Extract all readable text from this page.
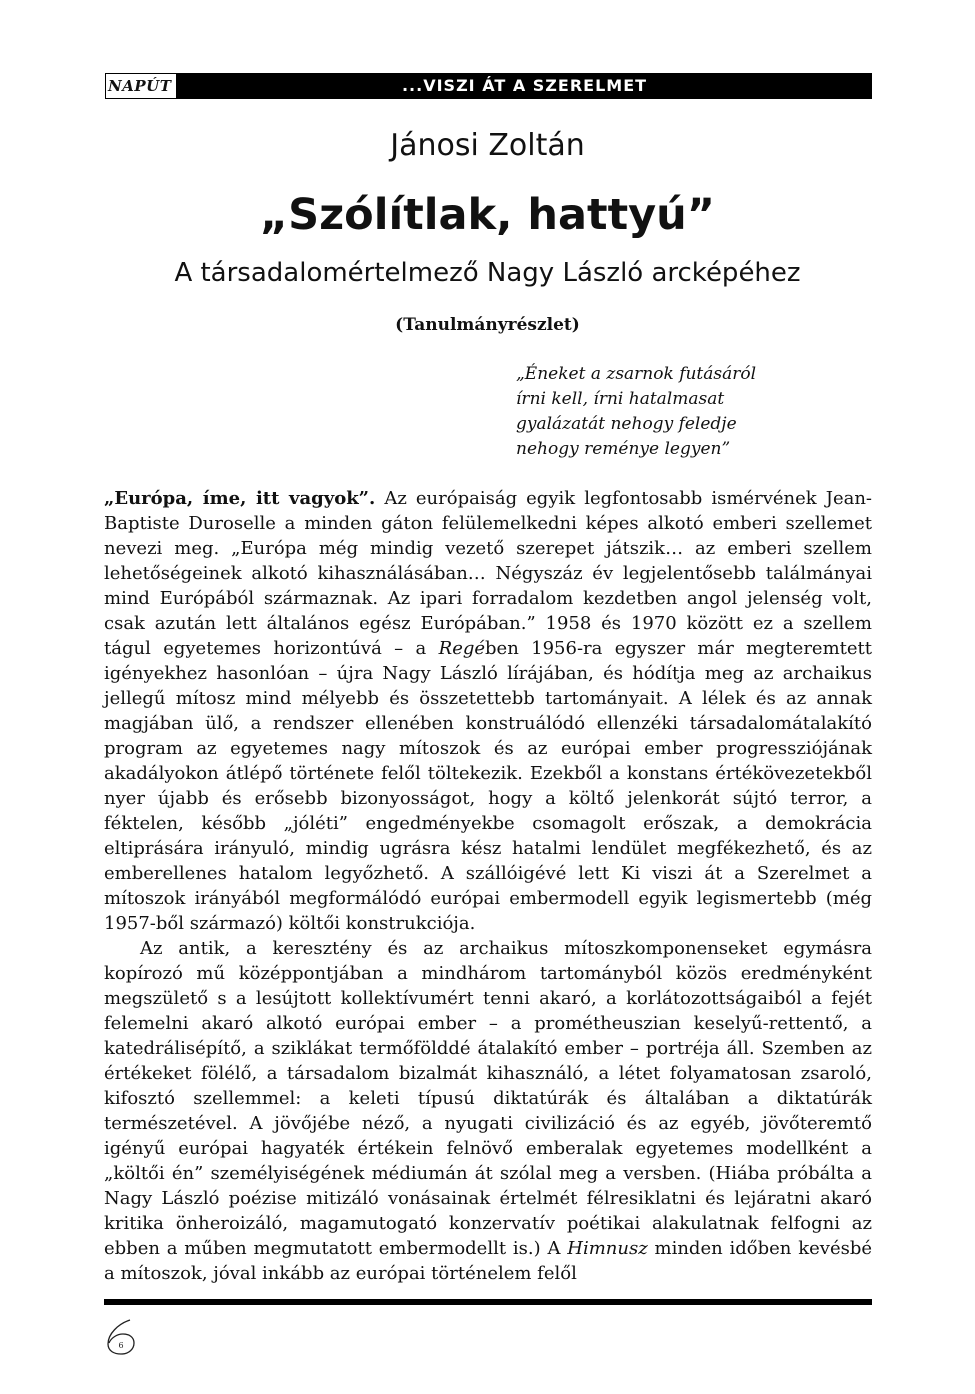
NAPÚT	...VISZI ÁT A SZERELMET
Jánosi Zoltán
„Szólítlak, hattyú”
A társadalomértelmező Nagy László arcképéhez
(Tanulmányrészlet)
„Éneket a zsarnok futásáról
írni kell, írni hatalmasat
gyalázatát nehogy feledje
nehogy reménye legyen”

„Európa, íme, itt vagyok”. Az európaiság egyik legfontosabb ismérvének Jean-Baptiste Duroselle a minden gáton felülemelkedni képes alkotó emberi szellemet nevezi meg. „Európa még mindig vezető szerepet játszik… az emberi szellem lehetőségeinek alkotó kihasználásában… Négyszáz év legjelentősebb találmányai mind Európából származnak. Az ipari forradalom kezdetben angol jelenség volt, csak azután lett általános egész Európában.” 1958 és 1970 között ez a szellem tágul egyetemes horizontúvá – a Regében 1956-ra egyszer már megteremtett igényekhez hasonlóan – újra Nagy László lírájában, és hódítja meg az archaikus jellegű mítosz mind mélyebb és összetettebb tartományait. A lélek és az annak magjában ülő, a rendszer ellenében konstruálódó ellenzéki társadalomátalakító program az egyetemes nagy mítoszok és az európai ember progressziójának akadályokon átlépő története felől töltekezik. Ezekből a konstans értékövezetekből nyer újabb és erősebb bizonyosságot, hogy a költő jelenkorát sújtó terror, a féktelen, később „jóléti” engedményekbe csomagolt erőszak, a demokrácia eltiprására irányuló, mindig ugrásra kész hatalmi lendület megfékezhető, és az emberellenes hatalom legyőzhető. A szállóigévé lett Ki viszi át a Szerelmet a mítoszok irányából megformálódó európai embermodell egyik legismertebb (még 1957-ből származó) költői konstrukciója.

Az antik, a keresztény és az archaikus mítoszkomponenseket egymásra kopírozó mű középpontjában a mindhárom tartományból közös eredményként megszülető s a lesújtott kollektívumért tenni akaró, a korlátozottságaiból a fejét felemelni akaró alkotó európai ember – a prométheuszian keselyű-rettentő, a katedrálisépítő, a sziklákat termőfölddé átalakító ember – portréja áll. Szemben az értékeket fölélő, a társadalom bizalmát kihasználó, a létet folyamatosan zsaroló, kifosztó szellemmel: a keleti típusú diktatúrák és általában a diktatúrák természetével. A jövőjébe néző, a nyugati civilizáció és az egyéb, jövőteremtő igényű európai hagyaték értékein felnövő emberalak egyetemes modellként a „költői én” személyiségének médiumán át szólal meg a versben. (Hiába próbálta a Nagy László poézise mitizáló vonásainak értelmét félresiklatni és lejáratni akaró kritika önheroizáló, magamutogató konzervatív poétikai alakulatnak felfogni az ebben a műben megmutatott embermodellt is.) A Himnusz minden időben kevésbé a mítoszok, jóval inkább az európai történelem felől

6
